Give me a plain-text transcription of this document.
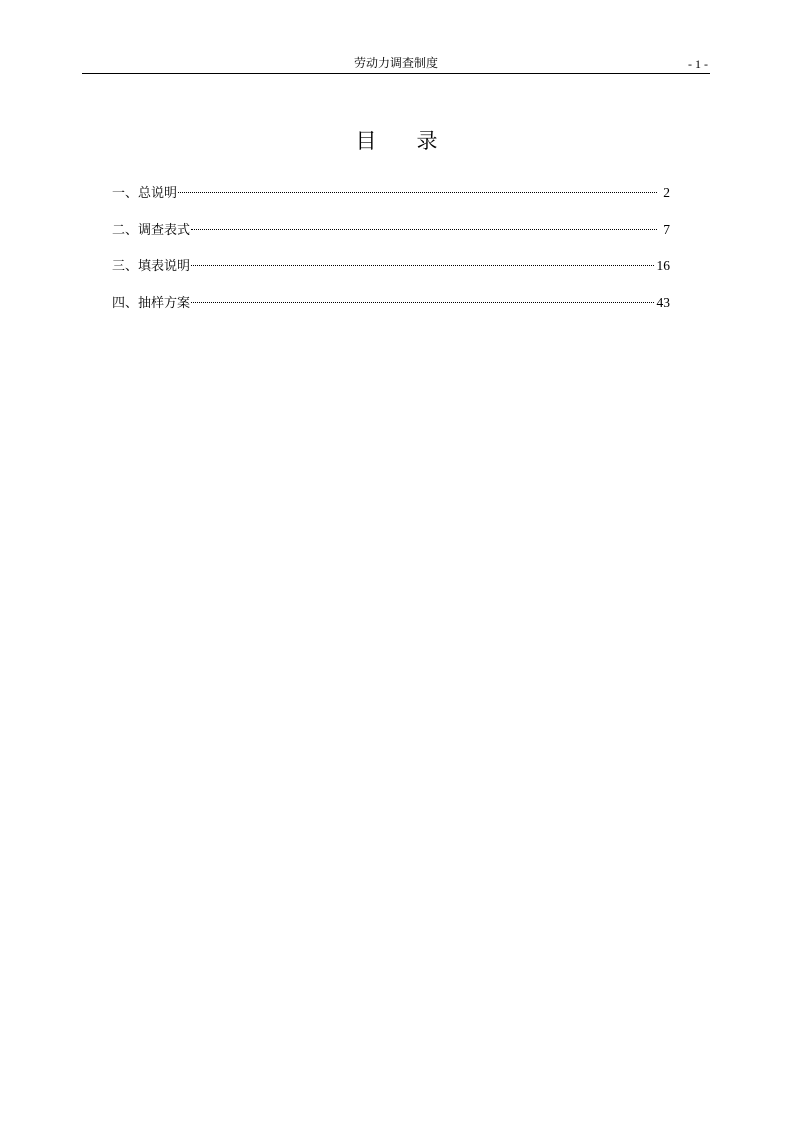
劳动力调查制度	- 1 -
目录
一、总说明	2
二、调查表式	7
三、填表说明	16
四、抽样方案	43
